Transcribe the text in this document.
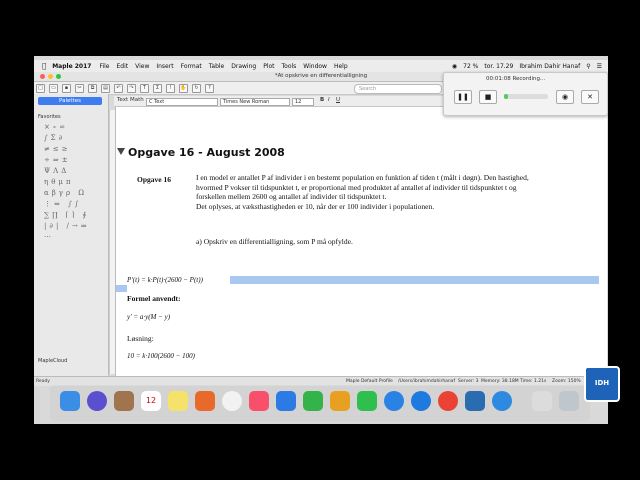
Maple 2017 File Edit View Insert Format Table Drawing Plot Tools Window Help	◉ 72 % tor. 17.29 Ibrahim Dahir Hanaf ⚲ ☰
*At opskrive en differentialligning
□	▭	▪	✂	⧉	▤	↶	↷	T	Σ	!	✋	↻	?	Search
Palettes
Favorites
×∘∞ ∫Σ∂ ≠≤≥ ÷⇒± ΨΛΔ ηθμπ αβγρ Ω ⋮⇔ ∫∫ ∑∏ ⌈⌉ ∮ |∂| /→⇒ ⋯
MapleCloud
Text Math	C Text	Times New Roman	12	B I U
Opgave 16 - August 2008
Opgave 16	I en model er antallet P af individer i en bestemt population en funktion af tiden t (målt i døgn). Den hastighed, hvormed P vokser til tidspunktet t, er proportional med produktet af antallet af individer til tidspunktet t og forskellen mellem 2600 og antallet af individer til tidspunktet t.
Det oplyses, at væksthastigheden er 10, når der er 100 individer i populationen.
a) Opskriv en differentialligning, som P må opfylde.
P′(t) = k·P(t)·(2600 − P(t))
Formel anvendt:
y′ = a·y(M − y)
Løsning:
10 = k·100(2600 − 100)
Ready	Maple Default Profile /Users/ibrahimdahirhanaf Server: 3 Memory: 38.18M Time: 1.21s Zoom: 150%
12
00:01:08 Recording...
❚❚	■	◉	✕
IDH
